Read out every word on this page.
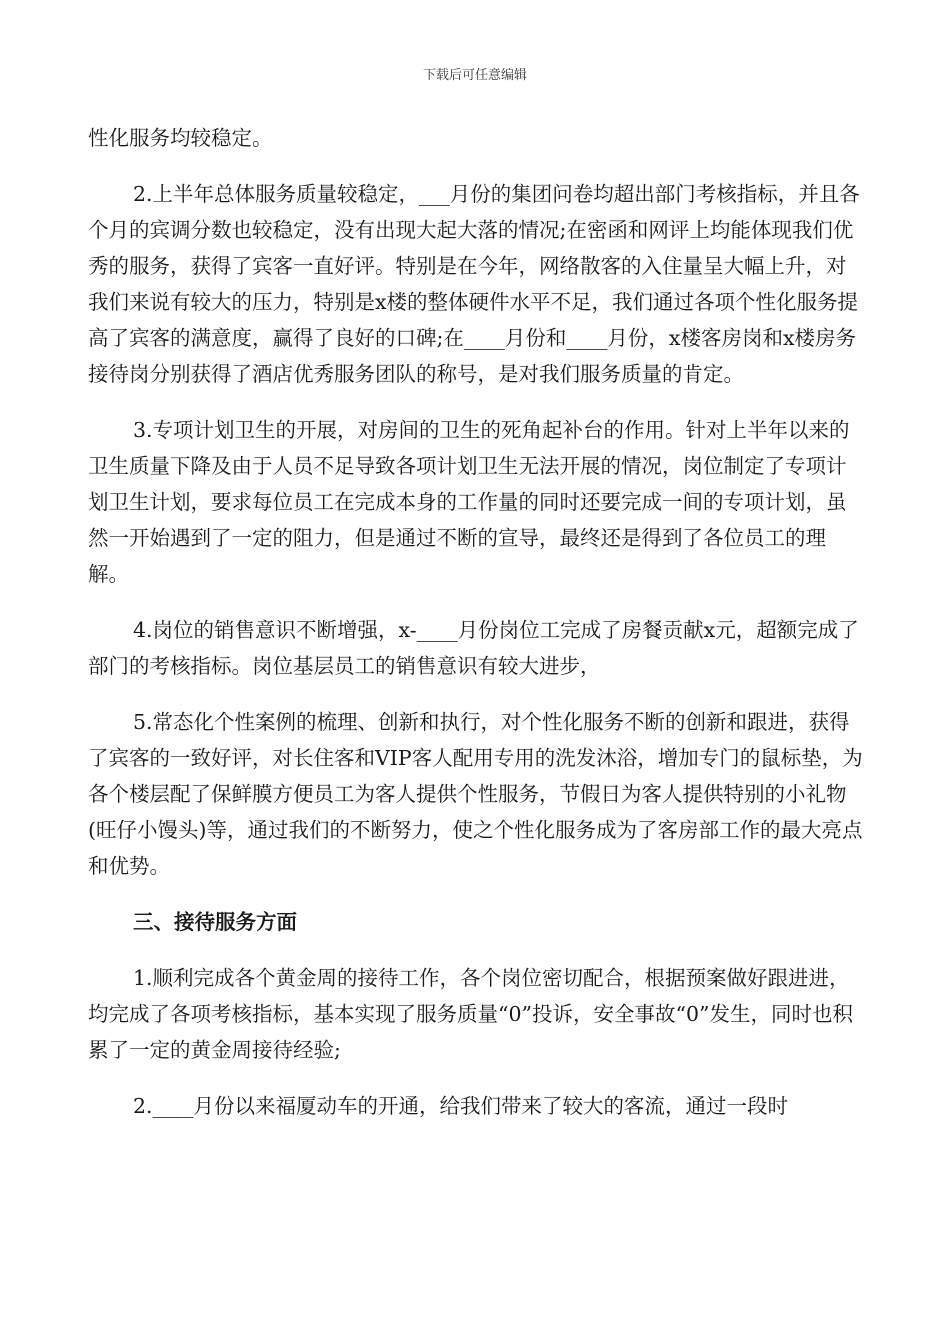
下载后可任意编辑

性化服务均较稳定。

2.上半年总体服务质量较稳定，___月份的集团问卷均超出部门考核指标，并且各个月的宾调分数也较稳定，没有出现大起大落的情况;在密函和网评上均能体现我们优秀的服务，获得了宾客一直好评。特别是在今年，网络散客的入住量呈大幅上升，对我们来说有较大的压力，特别是x楼的整体硬件水平不足，我们通过各项个性化服务提高了宾客的满意度，赢得了良好的口碑;在____月份和____月份，x楼客房岗和x楼房务接待岗分别获得了酒店优秀服务团队的称号，是对我们服务质量的肯定。

3.专项计划卫生的开展，对房间的卫生的死角起补台的作用。针对上半年以来的卫生质量下降及由于人员不足导致各项计划卫生无法开展的情况，岗位制定了专项计划卫生计划，要求每位员工在完成本身的工作量的同时还要完成一间的专项计划，虽然一开始遇到了一定的阻力，但是通过不断的宣导，最终还是得到了各位员工的理解。

4.岗位的销售意识不断增强，x-____月份岗位工完成了房餐贡献x元，超额完成了部门的考核指标。岗位基层员工的销售意识有较大进步，

5.常态化个性案例的梳理、创新和执行，对个性化服务不断的创新和跟进，获得了宾客的一致好评，对长住客和VIP客人配用专用的洗发沐浴，增加专门的鼠标垫，为各个楼层配了保鲜膜方便员工为客人提供个性服务，节假日为客人提供特别的小礼物(旺仔小馒头)等，通过我们的不断努力，使之个性化服务成为了客房部工作的最大亮点和优势。

三、接待服务方面

1.顺利完成各个黄金周的接待工作，各个岗位密切配合，根据预案做好跟进进，均完成了各项考核指标，基本实现了服务质量“0”投诉，安全事故“0”发生，同时也积累了一定的黄金周接待经验;

2.____月份以来福厦动车的开通，给我们带来了较大的客流，通过一段时
